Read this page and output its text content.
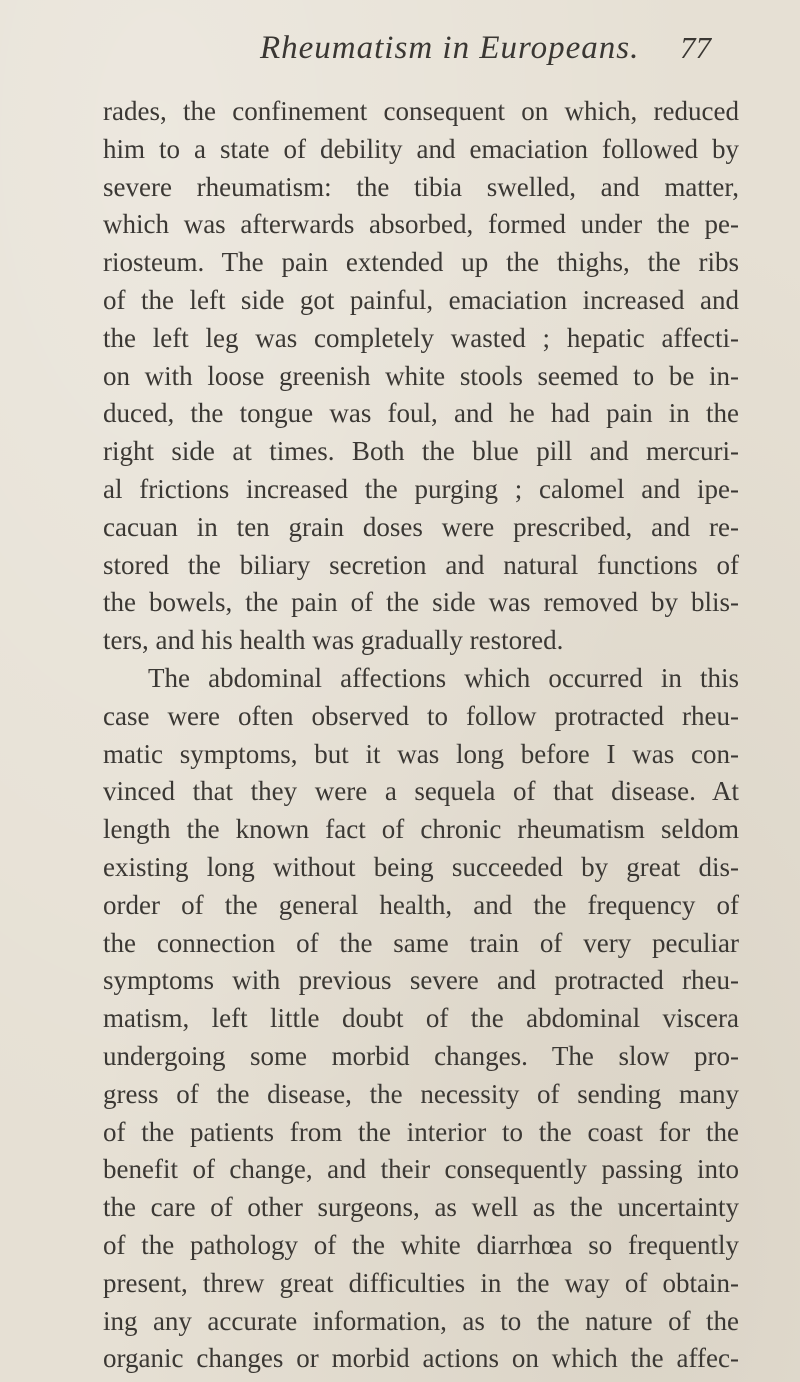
Rheumatism in Europeans. 77
rades, the confinement consequent on which, reduced
him to a state of debility and emaciation followed by
severe rheumatism: the tibia swelled, and matter,
which was afterwards absorbed, formed under the pe-
riosteum. The pain extended up the thighs, the ribs
of the left side got painful, emaciation increased and
the left leg was completely wasted ; hepatic affecti-
on with loose greenish white stools seemed to be in-
duced, the tongue was foul, and he had pain in the
right side at times. Both the blue pill and mercuri-
al frictions increased the purging ; calomel and ipe-
cacuan in ten grain doses were prescribed, and re-
stored the biliary secretion and natural functions of
the bowels, the pain of the side was removed by blis-
ters, and his health was gradually restored.
The abdominal affections which occurred in this
case were often observed to follow protracted rheu-
matic symptoms, but it was long before I was con-
vinced that they were a sequela of that disease. At
length the known fact of chronic rheumatism seldom
existing long without being succeeded by great dis-
order of the general health, and the frequency of
the connection of the same train of very peculiar
symptoms with previous severe and protracted rheu-
matism, left little doubt of the abdominal viscera
undergoing some morbid changes. The slow pro-
gress of the disease, the necessity of sending many
of the patients from the interior to the coast for the
benefit of change, and their consequently passing into
the care of other surgeons, as well as the uncertainty
of the pathology of the white diarrhœa so frequently
present, threw great difficulties in the way of obtain-
ing any accurate information, as to the nature of the
organic changes or morbid actions on which the affec-
